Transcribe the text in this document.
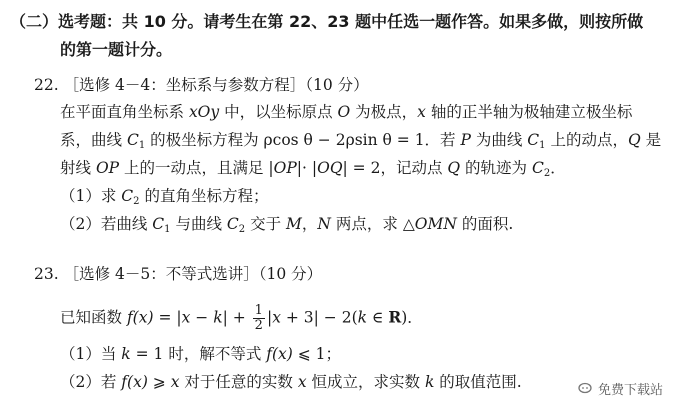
（二）选考题：共 10 分。请考生在第 22、23 题中任选一题作答。如果多做，则按所做
的第一题计分。
22. ［选修 4－4：坐标系与参数方程］（10 分）
在平面直角坐标系 xOy 中，以坐标原点 O 为极点，x 轴的正半轴为极轴建立极坐标
系，曲线 $C_1$ 的极坐标方程为 ρcos θ − 2ρsin θ = 1．若 P 为曲线 $C_1$ 上的动点，Q 是
射线 OP 上的一动点，且满足 |OP|· |OQ| = 2，记动点 Q 的轨迹为 $C_2$．
（1）求 $C_2$ 的直角坐标方程；
（2）若曲线 $C_1$ 与曲线 $C_2$ 交于 M，N 两点，求 △OMN 的面积.
23. ［选修 4－5：不等式选讲］（10 分）
已知函数 $f(x) = |x - k| + \frac{1}{2} |x + 3| - 2(k$ ∈ R)．
（1）当 k = 1 时，解不等式 f(x) ⩽ 1；
（2）若 f(x) ⩾ x 对于任意的实数 x 恒成立，求实数 k 的取值范围.	免费下载站
